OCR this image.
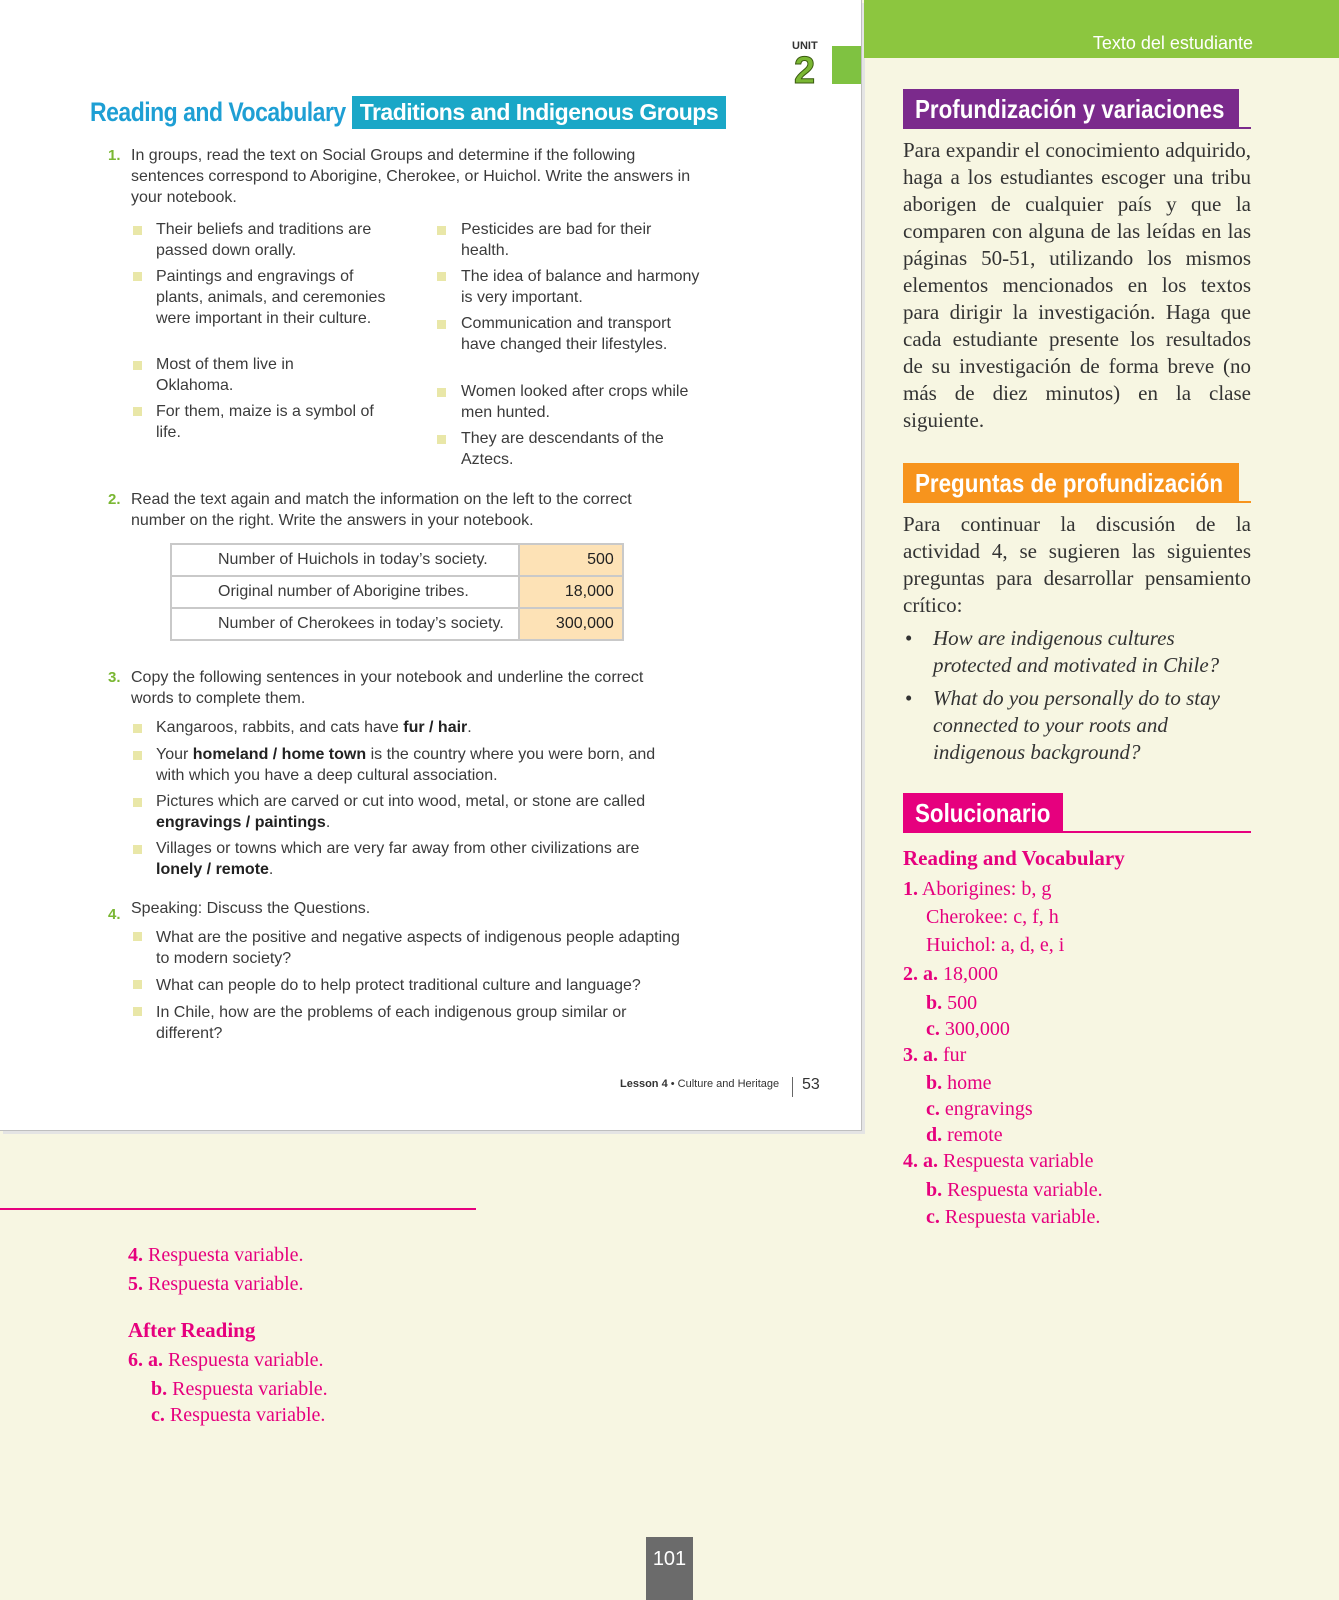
UNIT
2
Reading and Vocabulary Traditions and Indigenous Groups
1. In groups, read the text on Social Groups and determine if the following sentences correspond to Aborigine, Cherokee, or Huichol. Write the answers in your notebook.
Their beliefs and traditions are passed down orally.
Paintings and engravings of plants, animals, and ceremonies were important in their culture.
Most of them live in Oklahoma.
For them, maize is a symbol of life.
Pesticides are bad for their health.
The idea of balance and harmony is very important.
Communication and transport have changed their lifestyles.
Women looked after crops while men hunted.
They are descendants of the Aztecs.
2. Read the text again and match the information on the left to the correct number on the right. Write the answers in your notebook.
Number of Huichols in today’s society.	500
Original number of Aborigine tribes.	18,000
Number of Cherokees in today’s society.	300,000
3. Copy the following sentences in your notebook and underline the correct words to complete them.
Kangaroos, rabbits, and cats have fur / hair.
Your homeland / home town is the country where you were born, and with which you have a deep cultural association.
Pictures which are carved or cut into wood, metal, or stone are called engravings / paintings.
Villages or towns which are very far away from other civilizations are lonely / remote.
4. Speaking: Discuss the Questions.
What are the positive and negative aspects of indigenous people adapting to modern society?
What can people do to help protect traditional culture and language?
In Chile, how are the problems of each indigenous group similar or different?
Lesson 4 • Culture and Heritage 53
Texto del estudiante
Profundización y variaciones
Para expandir el conocimiento adquirido, haga a los estudiantes escoger una tribu aborigen de cualquier país y que la comparen con alguna de las leídas en las páginas 50-51, utilizando los mismos elementos mencionados en los textos para dirigir la investigación. Haga que cada estudiante presente los resultados de su investigación de forma breve (no más de diez minutos) en la clase siguiente.
Preguntas de profundización
Para continuar la discusión de la actividad 4, se sugieren las siguientes preguntas para desarrollar pensamiento crítico:
• How are indigenous cultures protected and motivated in Chile?
• What do you personally do to stay connected to your roots and indigenous background?
Solucionario
Reading and Vocabulary
1. Aborigines: b, g
Cherokee: c, f, h
Huichol: a, d, e, i
2. a. 18,000
b. 500
c. 300,000
3. a. fur
b. home
c. engravings
d. remote
4. a. Respuesta variable
b. Respuesta variable.
c. Respuesta variable.
4. Respuesta variable.
5. Respuesta variable.
After Reading
6. a. Respuesta variable.
b. Respuesta variable.
c. Respuesta variable.
101
